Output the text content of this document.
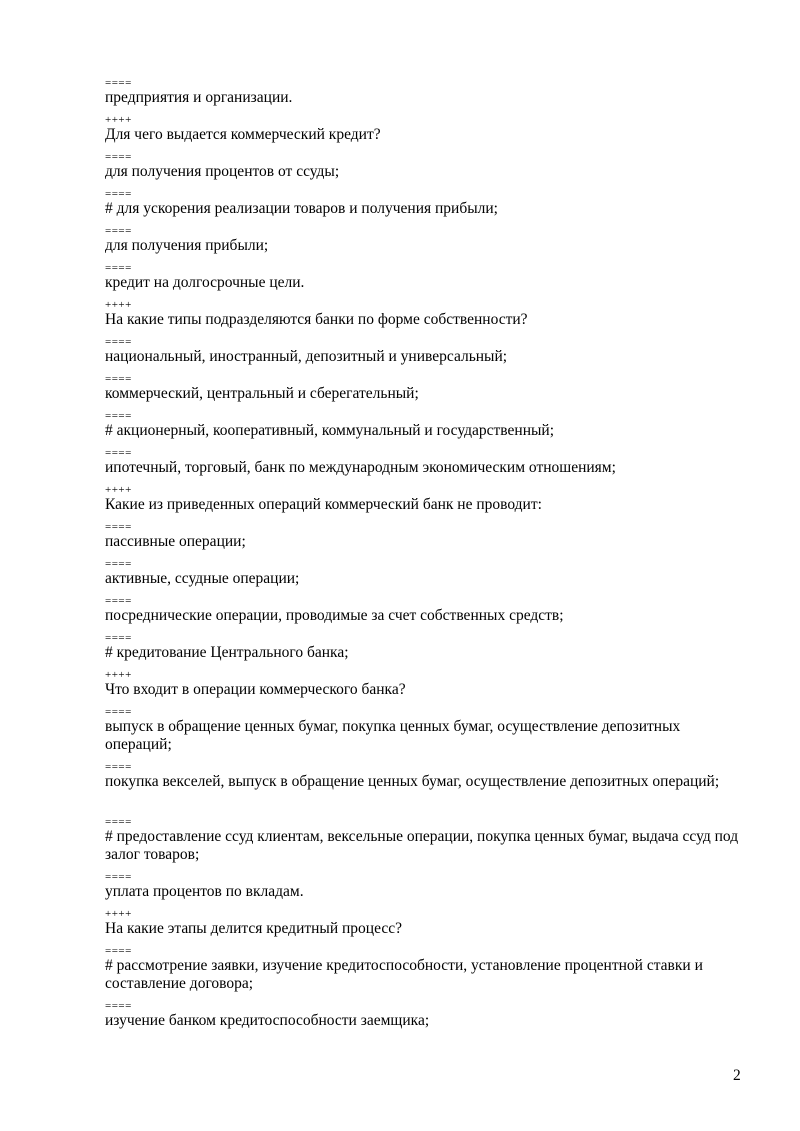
====
предприятия и организации.
++++
Для чего выдается коммерческий кредит?
====
для получения процентов от ссуды;
====
# для ускорения реализации товаров и получения прибыли;
====
для получения прибыли;
====
кредит на долгосрочные цели.
++++
На какие типы подразделяются банки по форме собственности?
====
национальный, иностранный, депозитный и универсальный;
====
коммерческий, центральный и сберегательный;
====
# акционерный, кооперативный, коммунальный и государственный;
====
ипотечный, торговый, банк по международным экономическим отношениям;
++++
Какие из приведенных операций коммерческий банк не проводит:
====
пассивные операции;
====
активные, ссудные операции;
====
посреднические операции, проводимые за счет собственных средств;
====
# кредитование Центрального банка;
++++
Что входит в операции коммерческого банка?
====
выпуск в обращение ценных бумаг, покупка ценных бумаг, осуществление депозитных операций;
====
покупка векселей, выпуск в обращение ценных бумаг, осуществление депозитных операций;
====
# предоставление ссуд клиентам, вексельные операции, покупка ценных бумаг, выдача ссуд под залог товаров;
====
уплата процентов по вкладам.
++++
На какие этапы делится кредитный процесс?
====
# рассмотрение заявки, изучение кредитоспособности, установление процентной ставки и составление договора;
====
изучение банком кредитоспособности заемщика;
2
